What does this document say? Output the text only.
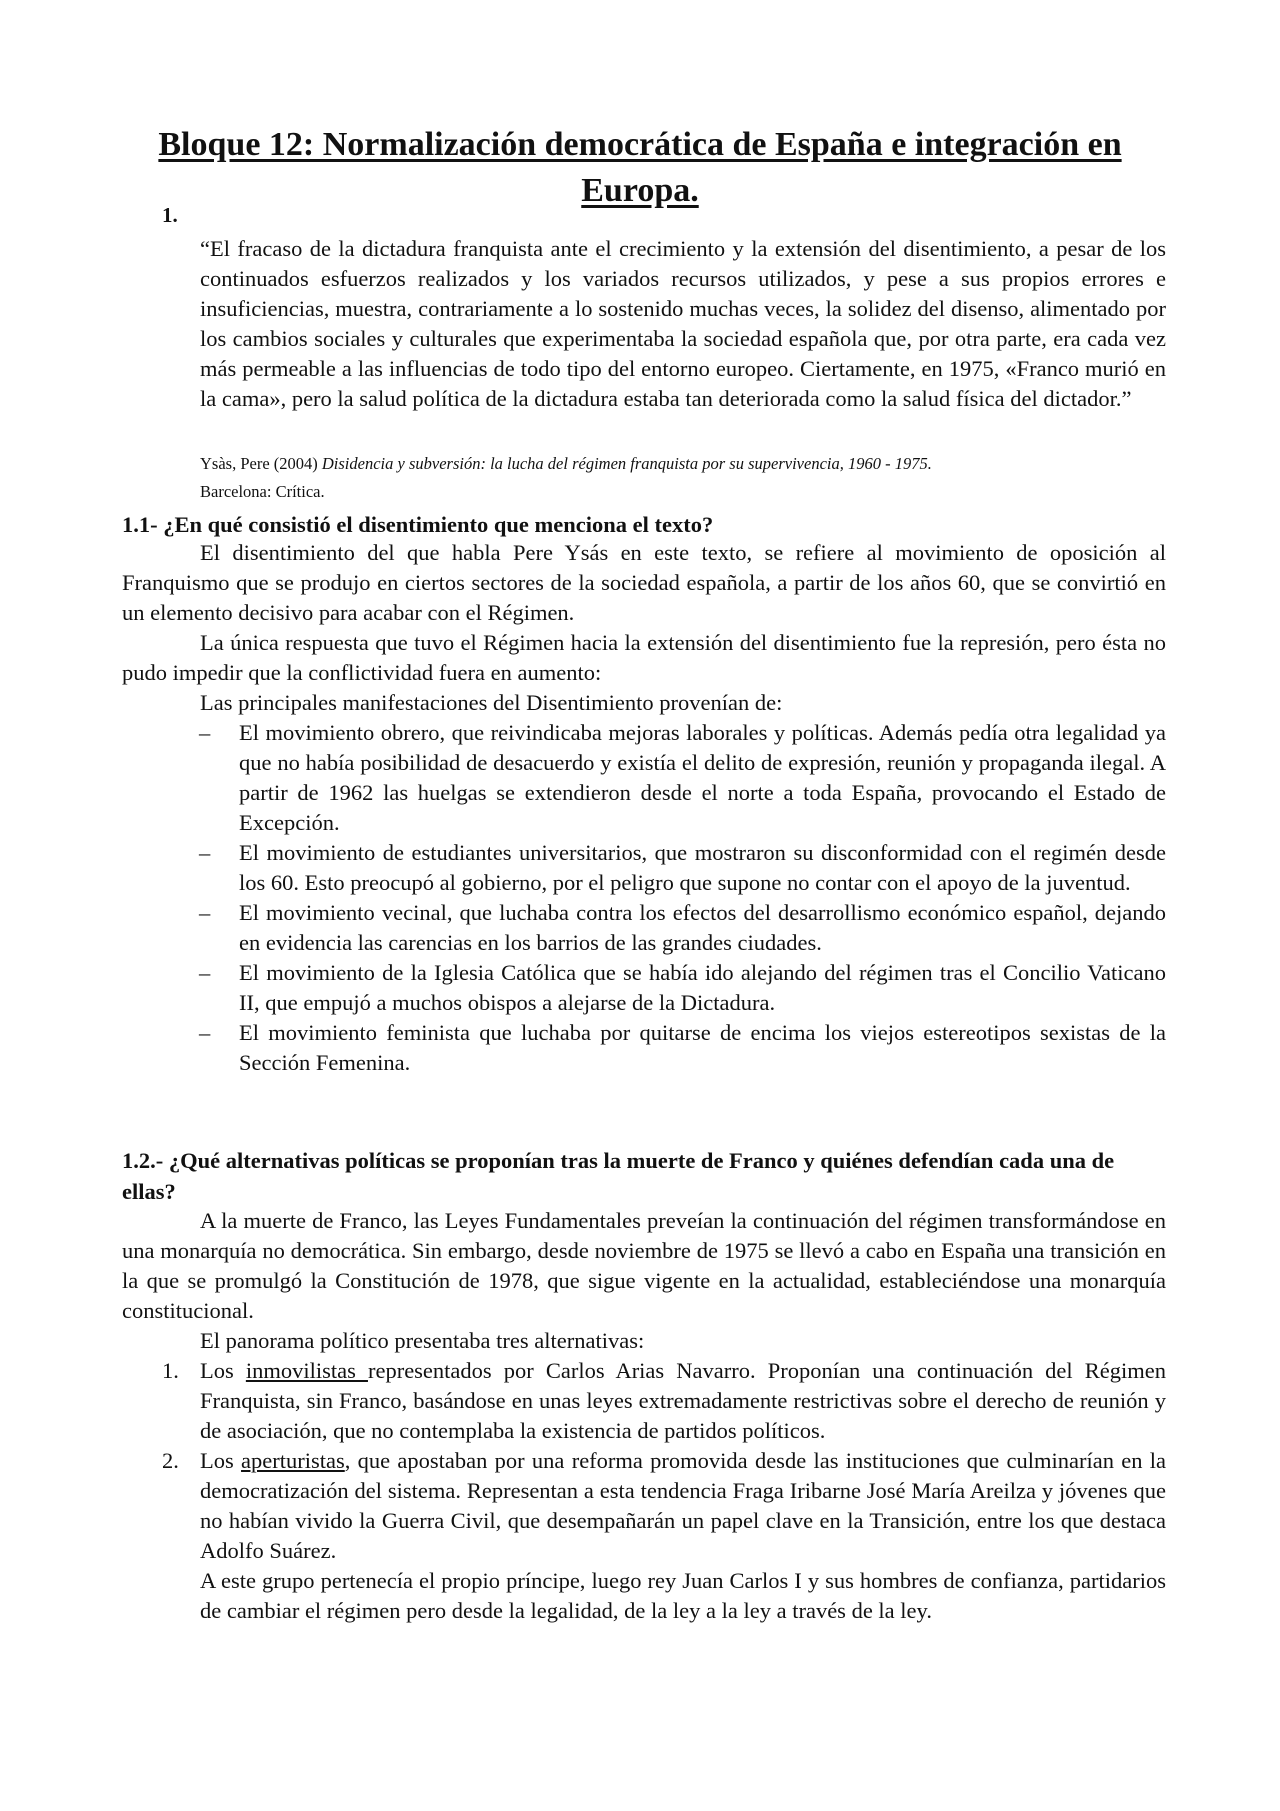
Bloque 12: Normalización democrática de España e integración en Europa.
1.

“El fracaso de la dictadura franquista ante el crecimiento y la extensión del disentimiento, a pesar de los continuados esfuerzos realizados y los variados recursos utilizados, y pese a sus propios errores e insuficiencias, muestra, contrariamente a lo sostenido muchas veces, la solidez del disenso, alimentado por los cambios sociales y culturales que experimentaba la sociedad española que, por otra parte, era cada vez más permeable a las influencias de todo tipo del entorno europeo. Ciertamente, en 1975, «Franco murió en la cama», pero la salud política de la dictadura estaba tan deteriorada como la salud física del dictador.”

Ysàs, Pere (2004) Disidencia y subversión: la lucha del régimen franquista por su supervivencia, 1960 - 1975.
Barcelona: Crítica.
1.1- ¿En qué consistió el disentimiento que menciona el texto?

El disentimiento del que habla Pere Ysás en este texto, se refiere al movimiento de oposición al Franquismo que se produjo en ciertos sectores de la sociedad española, a partir de los años 60, que se convirtió en un elemento decisivo para acabar con el Régimen.

La única respuesta que tuvo el Régimen hacia la extensión del disentimiento fue la represión, pero ésta no pudo impedir que la conflictividad fuera en aumento:

Las principales manifestaciones del Disentimiento provenían de:

– El movimiento obrero, que reivindicaba mejoras laborales y políticas. Además pedía otra legalidad ya que no había posibilidad de desacuerdo y existía el delito de expresión, reunión y propaganda ilegal. A partir de 1962 las huelgas se extendieron desde el norte a toda España, provocando el Estado de Excepción.
– El movimiento de estudiantes universitarios, que mostraron su disconformidad con el regimén desde los 60. Esto preocupó al gobierno, por el peligro que supone no contar con el apoyo de la juventud.
– El movimiento vecinal, que luchaba contra los efectos del desarrollismo económico español, dejando en evidencia las carencias en los barrios de las grandes ciudades.
– El movimiento de la Iglesia Católica que se había ido alejando del régimen tras el Concilio Vaticano II, que empujó a muchos obispos a alejarse de la Dictadura.
– El movimiento feminista que luchaba por quitarse de encima los viejos estereotipos sexistas de la Sección Femenina.
1.2.- ¿Qué alternativas políticas se proponían tras la muerte de Franco y quiénes defendían cada una de ellas?

A la muerte de Franco, las Leyes Fundamentales preveían la continuación del régimen transformándose en una monarquía no democrática. Sin embargo, desde noviembre de 1975 se llevó a cabo en España una transición en la que se promulgó la Constitución de 1978, que sigue vigente en la actualidad, estableciéndose una monarquía constitucional.

El panorama político presentaba tres alternativas:

1. Los inmovilistas representados por Carlos Arias Navarro. Proponían una continuación del Régimen Franquista, sin Franco, basándose en unas leyes extremadamente restrictivas sobre el derecho de reunión y de asociación, que no contemplaba la existencia de partidos políticos.
2. Los aperturistas, que apostaban por una reforma promovida desde las instituciones que culminarían en la democratización del sistema. Representan a esta tendencia Fraga Iribarne José María Areilza y jóvenes que no habían vivido la Guerra Civil, que desempañarán un papel clave en la Transición, entre los que destaca Adolfo Suárez.

A este grupo pertenecía el propio príncipe, luego rey Juan Carlos I y sus hombres de confianza, partidarios de cambiar el régimen pero desde la legalidad, de la ley a la ley a través de la ley.
